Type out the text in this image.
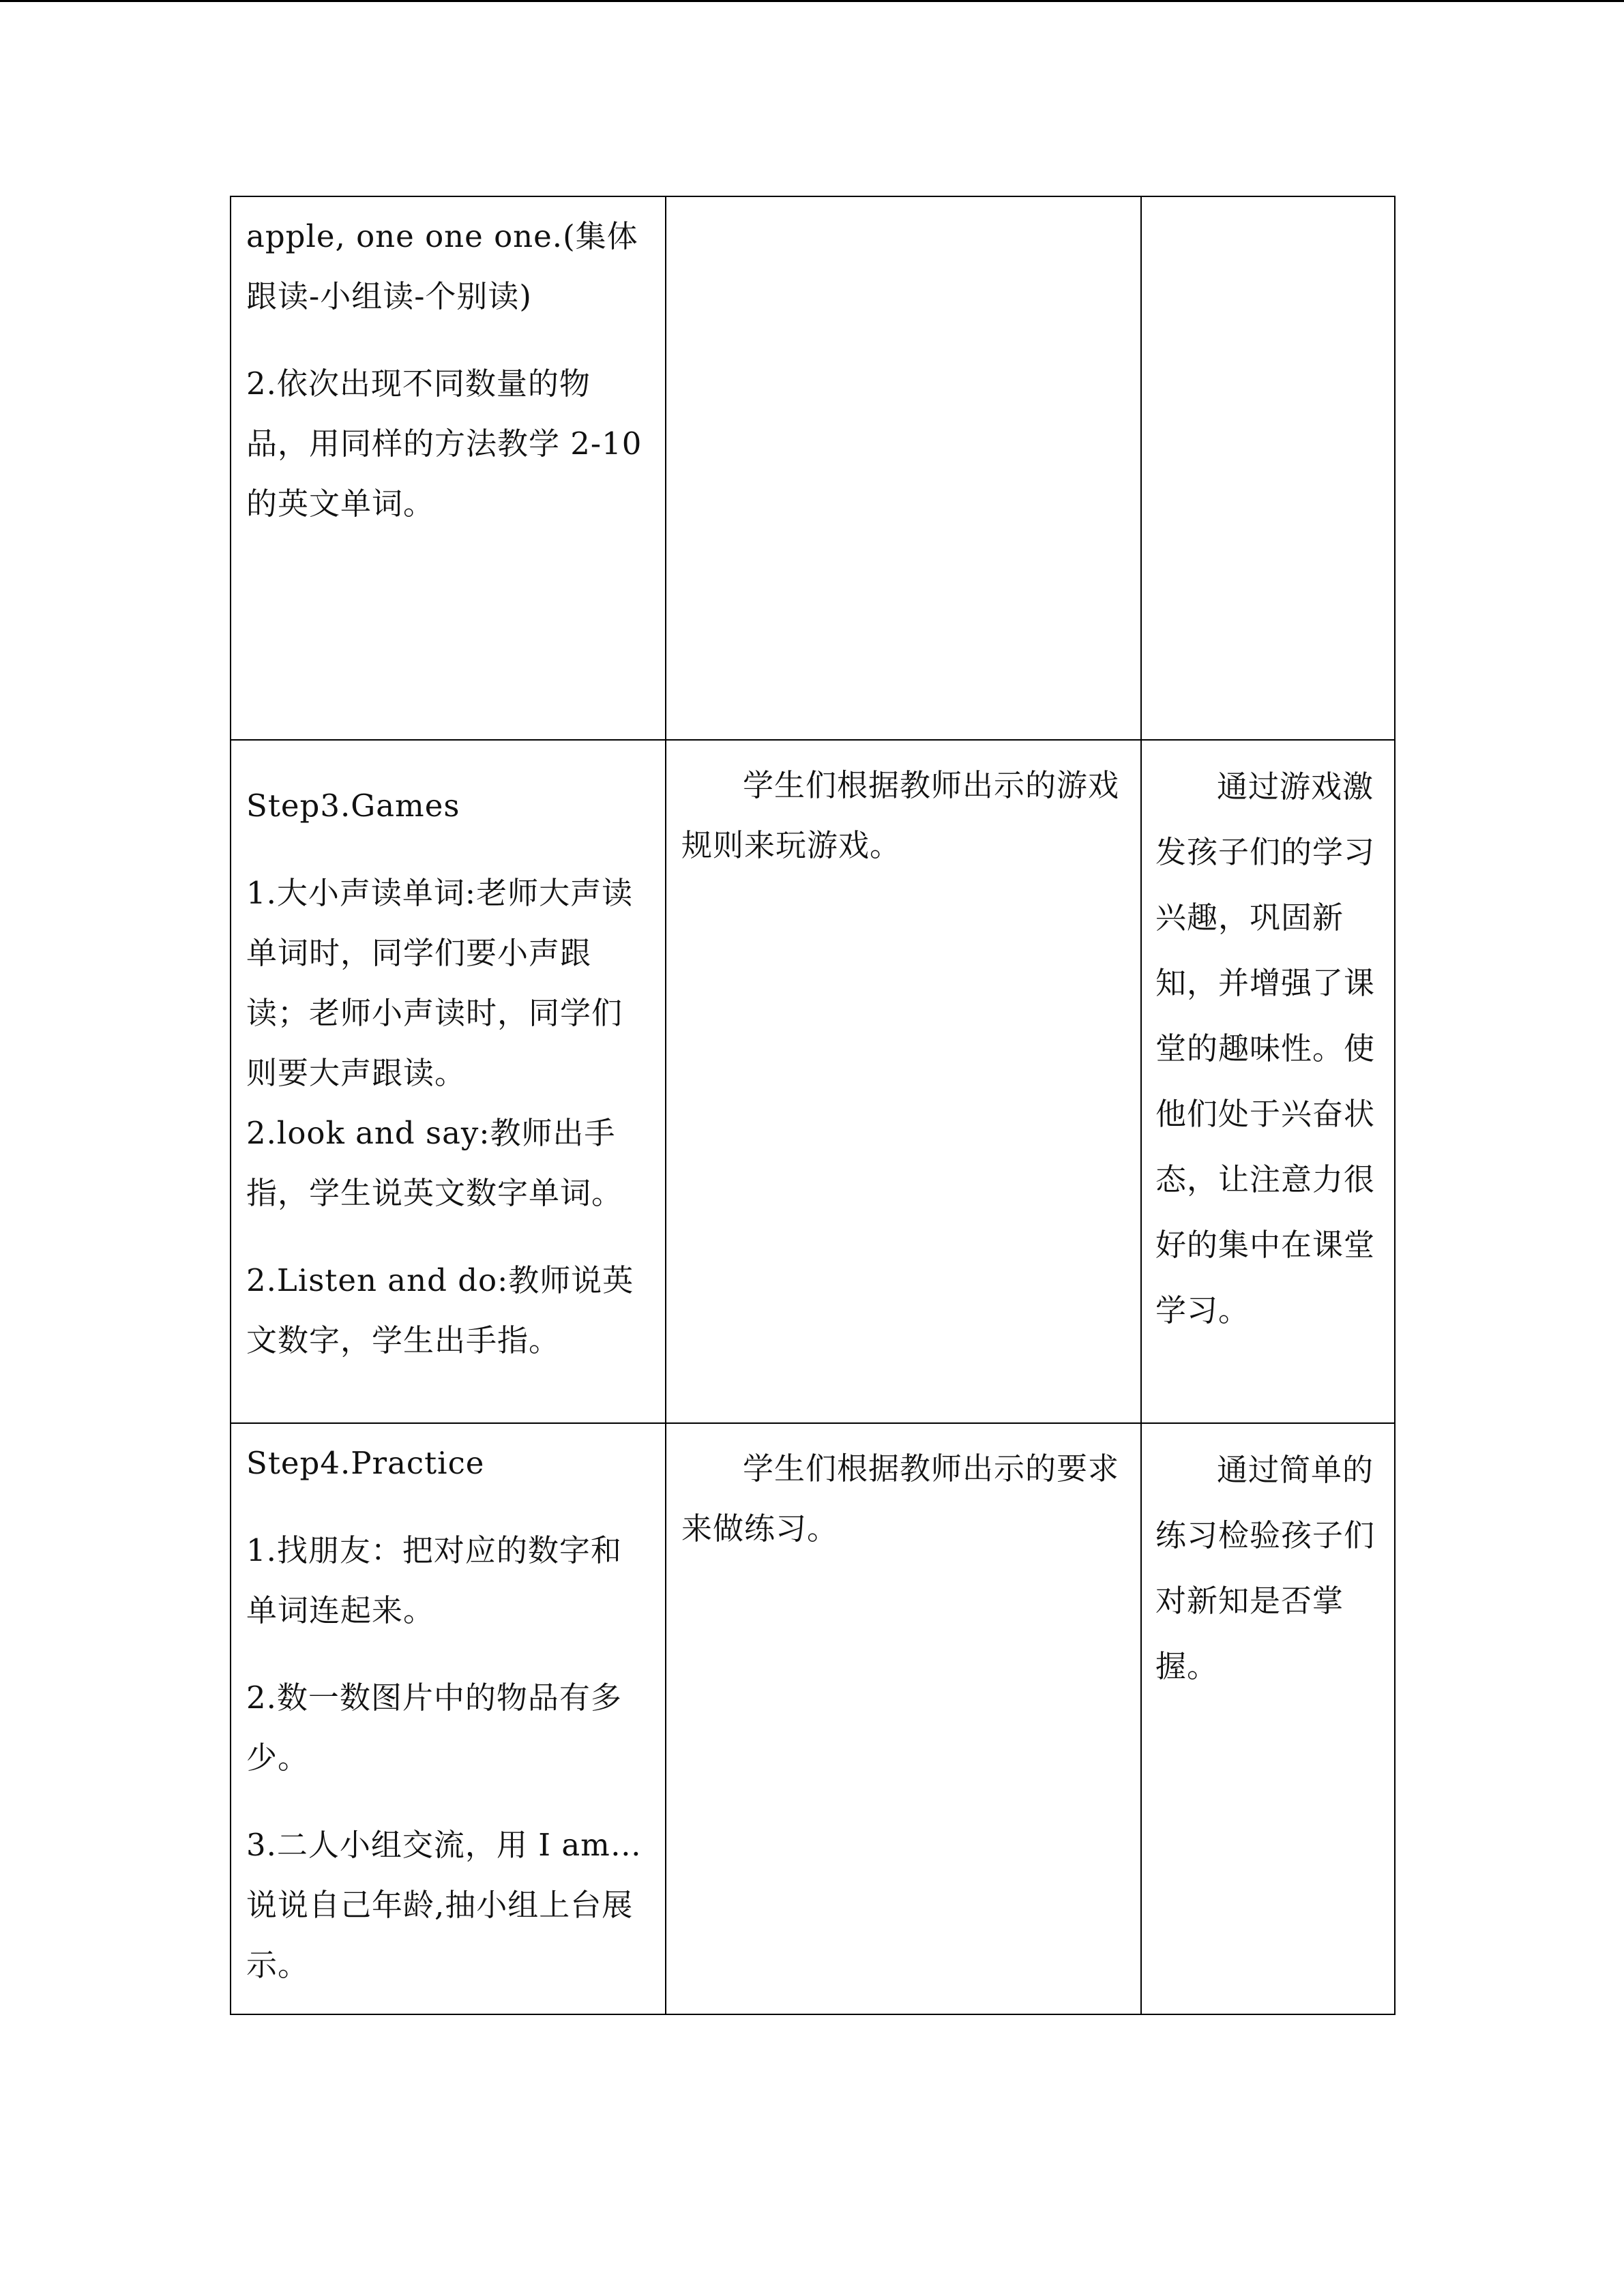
apple, one one one.(集体跟读-小组读-个别读)

2.依次出现不同数量的物品，用同样的方法教学 2-10 的英文单词。		

Step3.Games

1.大小声读单词:老师大声读单词时，同学们要小声跟读；老师小声读时，同学们则要大声跟读。

2.look and say:教师出手指，学生说英文数字单词。

2.Listen and do:教师说英文数字，学生出手指。	学生们根据教师出示的游戏规则来玩游戏。	通过游戏激发孩子们的学习兴趣，巩固新知，并增强了课堂的趣味性。使他们处于兴奋状态，让注意力很好的集中在课堂学习。

Step4.Practice

1.找朋友：把对应的数字和单词连起来。

2.数一数图片中的物品有多少。

3.二人小组交流，用 I am…说说自己年龄,抽小组上台展示。	学生们根据教师出示的要求来做练习。	通过简单的练习检验孩子们对新知是否掌握。
